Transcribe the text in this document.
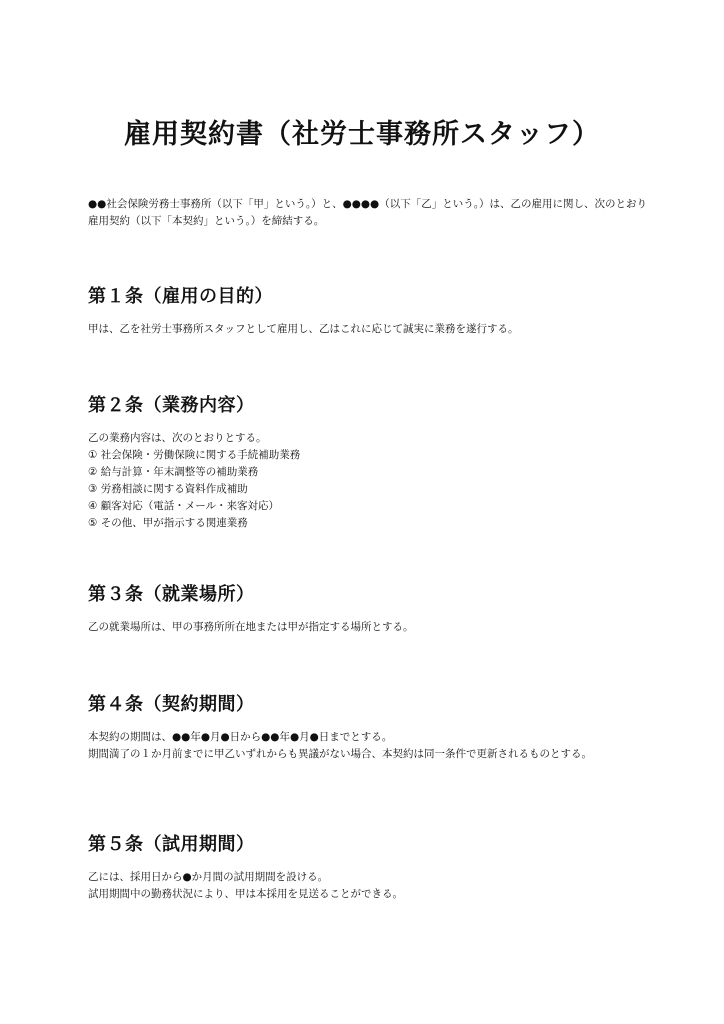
雇用契約書（社労士事務所スタッフ）
●●社会保険労務士事務所（以下「甲」という。）と、●●●●（以下「乙」という。）は、乙の雇用に関し、次のとおり雇用契約（以下「本契約」という。）を締結する。
第１条（雇用の目的）
甲は、乙を社労士事務所スタッフとして雇用し、乙はこれに応じて誠実に業務を遂行する。
第２条（業務内容）
乙の業務内容は、次のとおりとする。
① 社会保険・労働保険に関する手続補助業務
② 給与計算・年末調整等の補助業務
③ 労務相談に関する資料作成補助
④ 顧客対応（電話・メール・来客対応）
⑤ その他、甲が指示する関連業務
第３条（就業場所）
乙の就業場所は、甲の事務所所在地または甲が指定する場所とする。
第４条（契約期間）
本契約の期間は、●●年●月●日から●●年●月●日までとする。
期間満了の１か月前までに甲乙いずれからも異議がない場合、本契約は同一条件で更新されるものとする。
第５条（試用期間）
乙には、採用日から●か月間の試用期間を設ける。
試用期間中の勤務状況により、甲は本採用を見送ることができる。
